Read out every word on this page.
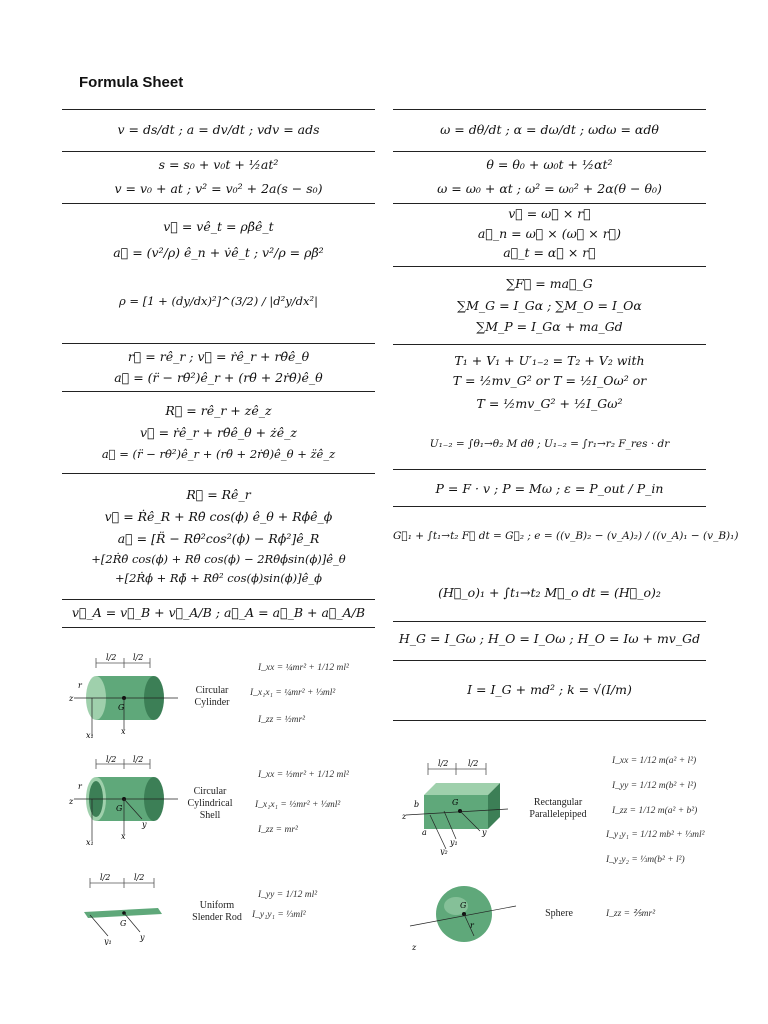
Formula Sheet
v = ds/dt ; a = dv/dt ; vdv = ads
s = s₀ + v₀t + ½at²
v = v₀ + at ; v² = v₀² + 2a(s − s₀)
v⃗ = vê_t = ρβ̇ê_t
a⃗ = (v²/ρ) ê_n + v̇ê_t ; v²/ρ = ρβ̇²
ρ = [1 + (dy/dx)²]^(3/2) / |d²y/dx²|
r⃗ = rê_r ; v⃗ = ṙê_r + rθ̇ê_θ
a⃗ = (r̈ − rθ̇²)ê_r + (rθ̈ + 2ṙθ̇)ê_θ
R⃗ = rê_r + zê_z
v⃗ = ṙê_r + rθ̇ê_θ + żê_z
a⃗ = (r̈ − rθ̇²)ê_r + (rθ̈ + 2ṙθ̇)ê_θ + z̈ê_z
R⃗ = Rê_r
v⃗ = Ṙê_R + Rθ̇ cos(ϕ) ê_θ + Rϕ̇ê_ϕ
a⃗ = [R̈ − Rθ̇²cos²(ϕ) − Rϕ̇²]ê_R
+[2Ṙθ̇ cos(ϕ) + Rθ̈ cos(ϕ) − 2Rθ̇ϕ̇sin(ϕ)]ê_θ
+[2Ṙϕ̇ + Rϕ̈ + Rθ̇² cos(ϕ)sin(ϕ)]ê_ϕ
v⃗_A = v⃗_B + v⃗_A/B ; a⃗_A = a⃗_B + a⃗_A/B
ω = dθ/dt ; α = dω/dt ; ωdω = αdθ
θ = θ₀ + ω₀t + ½αt²
ω = ω₀ + αt ; ω² = ω₀² + 2α(θ − θ₀)
v⃗ = ω⃗ × r⃗
a⃗_n = ω⃗ × (ω⃗ × r⃗)
a⃗_t = α⃗ × r⃗
∑F⃗ = ma⃗_G
∑M_G = I_Gα ; ∑M_O = I_Oα
∑M_P = I_Gα + ma_Gd
T₁ + V₁ + U′₁₋₂ = T₂ + V₂ with
T = ½mv_G² or T = ½I_Oω² or
T = ½mv_G² + ½I_Gω²
U₁₋₂ = ∫θ₁→θ₂ M dθ ; U₁₋₂ = ∫r₁→r₂ F_res · dr
P = F · v ; P = Mω ; ε = P_out / P_in
G⃗₁ + ∫t₁→t₂ F⃗ dt = G⃗₂ ; e = ((v_B)₂ − (v_A)₂) / ((v_A)₁ − (v_B)₁)
(H⃗_o)₁ + ∫t₁→t₂ M⃗_o dt = (H⃗_o)₂
H_G = I_Gω ; H_O = I_Oω ; H_O = Iω + mv_Gd
I = I_G + md² ; k = √(I/m)
l/2 l/2
G
x₁	x
z
r	Circular
Cylinder
I_xx = ¼mr² + 1/12 ml²
I_x₁x₁ = ¼mr² + ⅓ml²
I_zz = ½mr²
l/2 l/2
G
x₁
x
y
z
r	Circular
Cylindrical
Shell
I_xx = ½mr² + 1/12 ml²
I_x₁x₁ = ½mr² + ⅓ml²
I_zz = mr²
l/2	l/2
G
y₁	y
Uniform
Slender Rod
I_yy = 1/12 ml²
I_y₁y₁ = ⅓ml²
l/2 l/2
G
z
b
a	y
y₁
y₂
Rectangular
Parallelepiped
I_xx = 1/12 m(a² + l²)
I_yy = 1/12 m(b² + l²)
I_zz = 1/12 m(a² + b²)
I_y₁y₁ = 1/12 mb² + ⅓ml²
I_y₂y₂ = ⅓m(b² + l²)
G
r
z
Sphere	I_zz = ⅖mr²
